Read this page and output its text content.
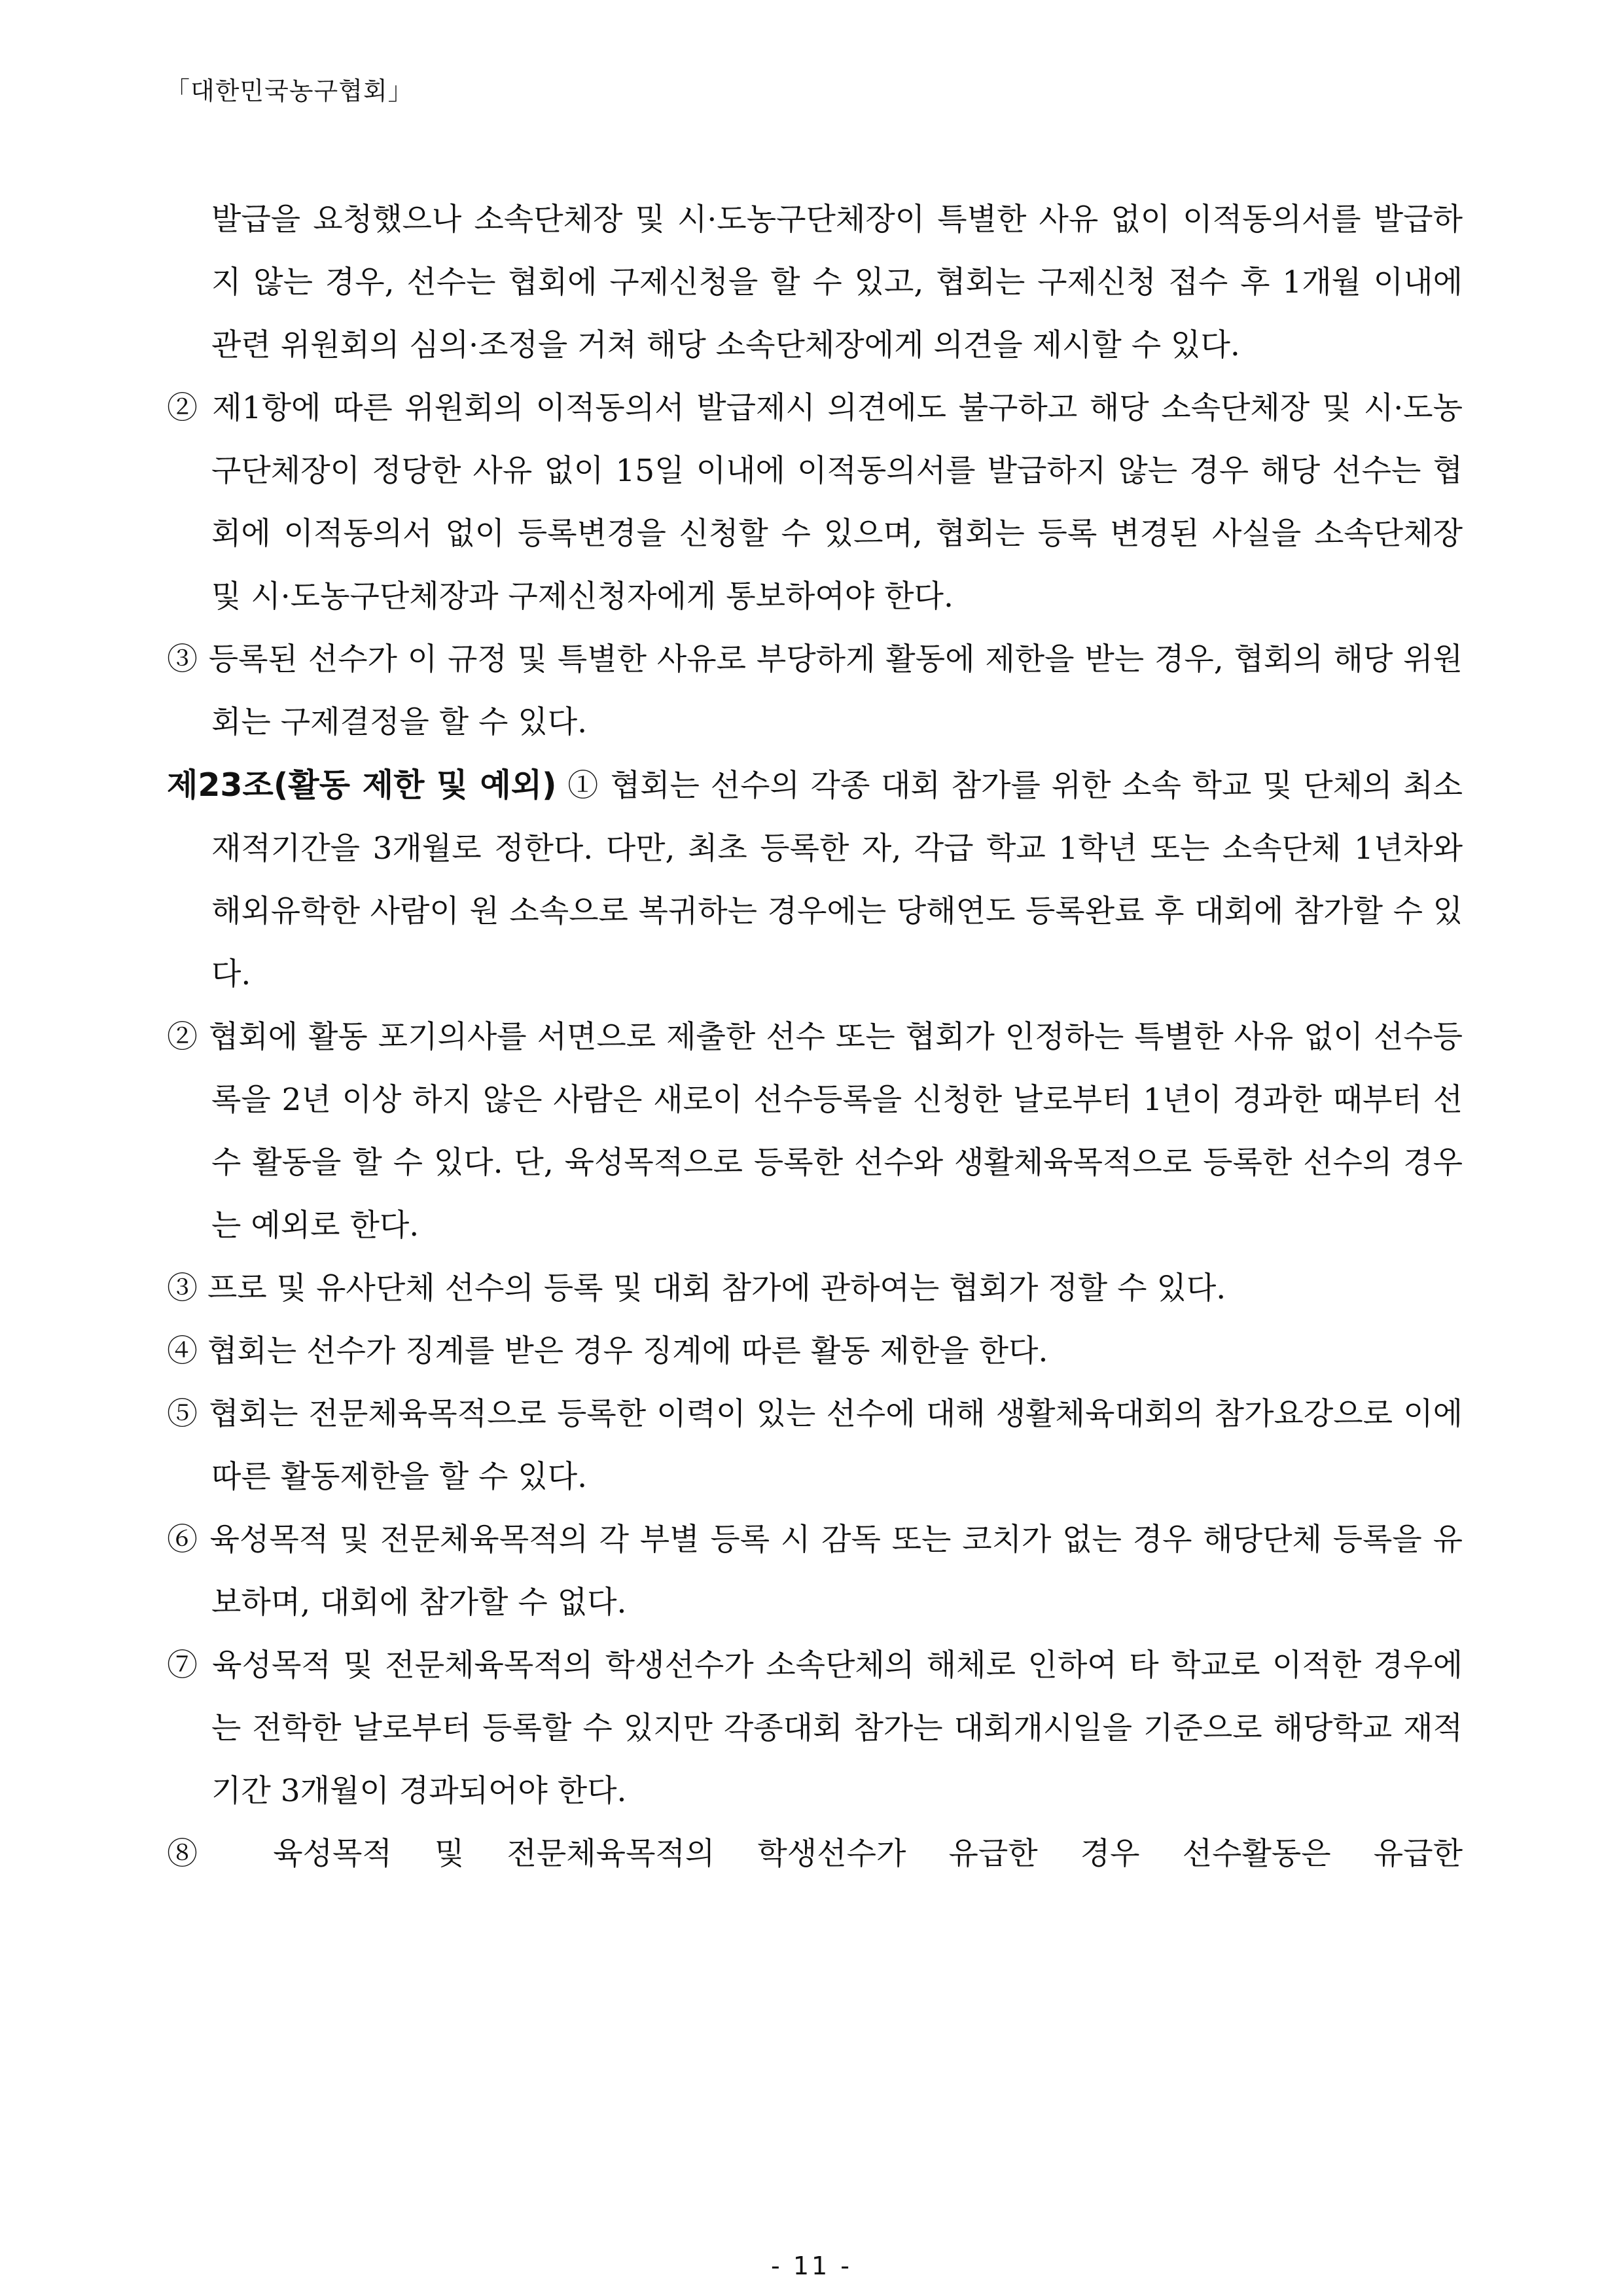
「대한민국농구협회」

발급을 요청했으나 소속단체장 및 시·도농구단체장이 특별한 사유 없이 이적동의서를 발급하지 않는 경우, 선수는 협회에 구제신청을 할 수 있고, 협회는 구제신청 접수 후 1개월 이내에 관련 위원회의 심의·조정을 거쳐 해당 소속단체장에게 의견을 제시할 수 있다.

② 제1항에 따른 위원회의 이적동의서 발급제시 의견에도 불구하고 해당 소속단체장 및 시·도농구단체장이 정당한 사유 없이 15일 이내에 이적동의서를 발급하지 않는 경우 해당 선수는 협회에 이적동의서 없이 등록변경을 신청할 수 있으며, 협회는 등록 변경된 사실을 소속단체장 및 시·도농구단체장과 구제신청자에게 통보하여야 한다.

③ 등록된 선수가 이 규정 및 특별한 사유로 부당하게 활동에 제한을 받는 경우, 협회의 해당 위원회는 구제결정을 할 수 있다.

제23조(활동 제한 및 예외) ① 협회는 선수의 각종 대회 참가를 위한 소속 학교 및 단체의 최소 재적기간을 3개월로 정한다. 다만, 최초 등록한 자, 각급 학교 1학년 또는 소속단체 1년차와 해외유학한 사람이 원 소속으로 복귀하는 경우에는 당해연도 등록완료 후 대회에 참가할 수 있다.

② 협회에 활동 포기의사를 서면으로 제출한 선수 또는 협회가 인정하는 특별한 사유 없이 선수등록을 2년 이상 하지 않은 사람은 새로이 선수등록을 신청한 날로부터 1년이 경과한 때부터 선수 활동을 할 수 있다. 단, 육성목적으로 등록한 선수와 생활체육목적으로 등록한 선수의 경우는 예외로 한다.

③ 프로 및 유사단체 선수의 등록 및 대회 참가에 관하여는 협회가 정할 수 있다.

④ 협회는 선수가 징계를 받은 경우 징계에 따른 활동 제한을 한다.

⑤ 협회는 전문체육목적으로 등록한 이력이 있는 선수에 대해 생활체육대회의 참가요강으로 이에 따른 활동제한을 할 수 있다.

⑥ 육성목적 및 전문체육목적의 각 부별 등록 시 감독 또는 코치가 없는 경우 해당단체 등록을 유보하며, 대회에 참가할 수 없다.

⑦ 육성목적 및 전문체육목적의 학생선수가 소속단체의 해체로 인하여 타 학교로 이적한 경우에는 전학한 날로부터 등록할 수 있지만 각종대회 참가는 대회개시일을 기준으로 해당학교 재적기간 3개월이 경과되어야 한다.

⑧ 육성목적 및 전문체육목적의 학생선수가 유급한 경우 선수활동은 유급한

- 11 -
